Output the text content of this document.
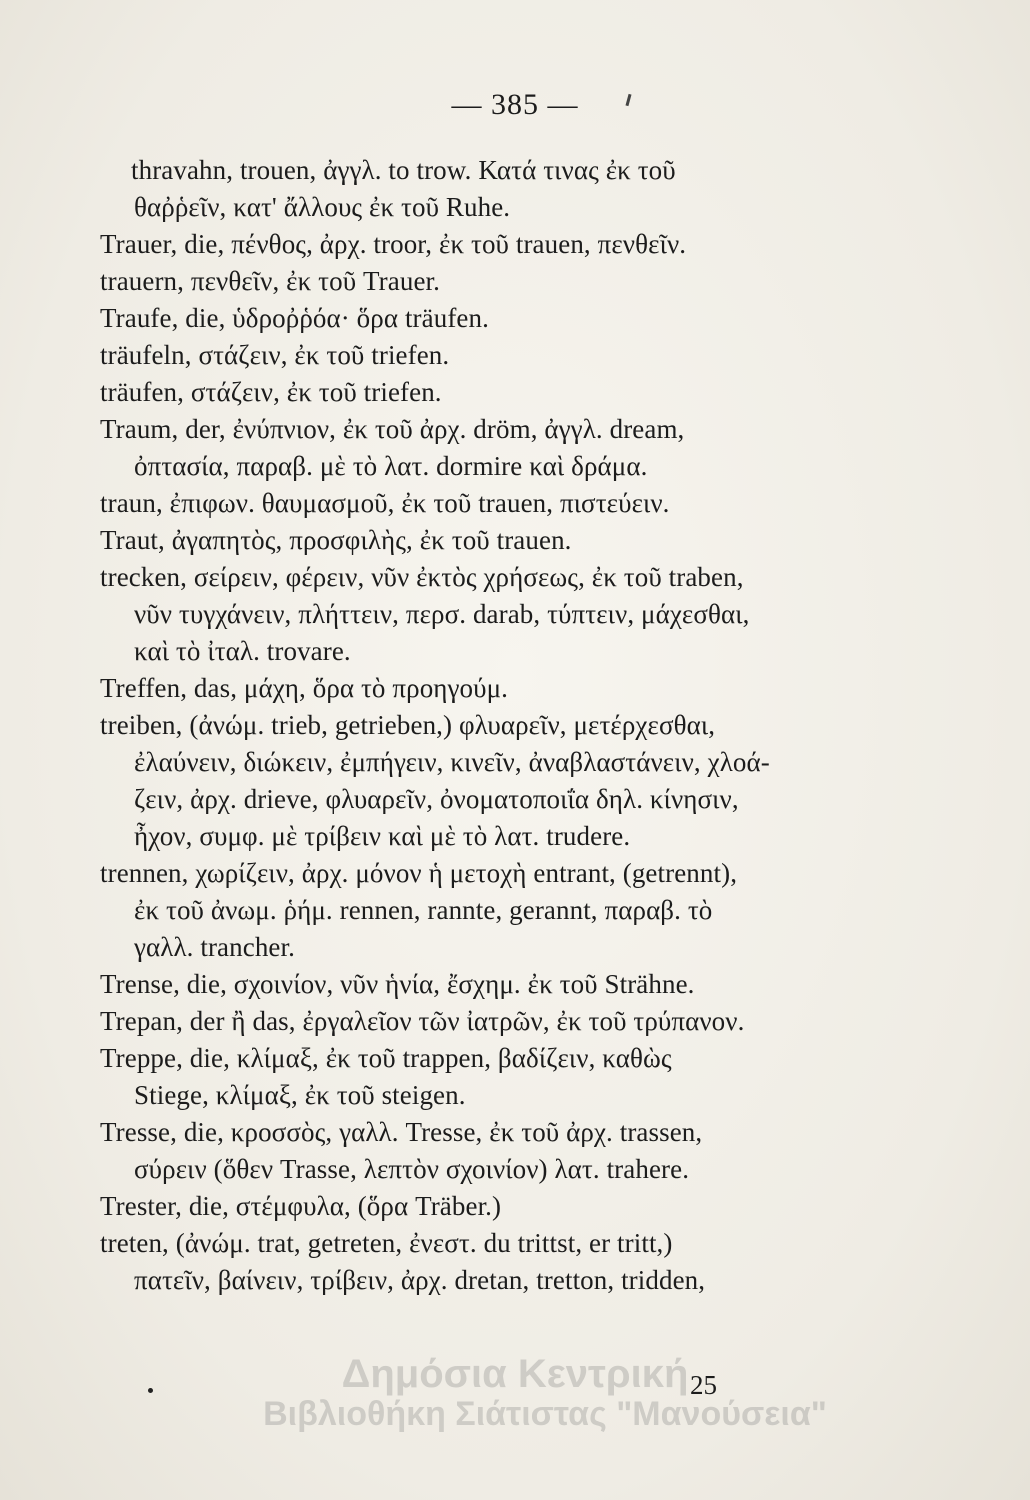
— 385 —
thravahn, trouen, ἀγγλ. to trow. Κατά τινας ἐκ τοῦ
θαῤῥεῖν, κατ' ἄλλους ἐκ τοῦ Ruhe.
Trauer, die, πένθος, ἀρχ. troor, ἐκ τοῦ trauen, πενθεῖν.
trauern, πενθεῖν, ἐκ τοῦ Trauer.
Traufe, die, ὑδροῤῥόα· ὅρα träufen.
träufeln, στάζειν, ἐκ τοῦ triefen.
träufen, στάζειν, ἐκ τοῦ triefen.
Traum, der, ἐνύπνιον, ἐκ τοῦ ἀρχ. dröm, ἀγγλ. dream,
ὀπτασία, παραβ. μὲ τὸ λατ. dormire καὶ δράμα.
traun, ἐπιφων. θαυμασμοῦ, ἐκ τοῦ trauen, πιστεύειν.
Traut, ἀγαπητὸς, προσφιλὴς, ἐκ τοῦ trauen.
trecken, σείρειν, φέρειν, νῦν ἐκτὸς χρήσεως, ἐκ τοῦ traben,
νῦν τυγχάνειν, πλήττειν, περσ. darab, τύπτειν, μάχεσθαι,
καὶ τὸ ἰταλ. trovare.
Treffen, das, μάχη, ὅρα τὸ προηγούμ.
treiben, (ἀνώμ. trieb, getrieben,) φλυαρεῖν, μετέρχεσθαι,
ἐλαύνειν, διώκειν, ἐμπήγειν, κινεῖν, ἀναβλαστάνειν, χλοά-
ζειν, ἀρχ. drieve, φλυαρεῖν, ὀνοματοποιΐα δηλ. κίνησιν,
ἦχον, συμφ. μὲ τρίβειν καὶ μὲ τὸ λατ. trudere.
trennen, χωρίζειν, ἀρχ. μόνον ἡ μετοχὴ entrant, (getrennt),
ἐκ τοῦ ἀνωμ. ῥήμ. rennen, rannte, gerannt, παραβ. τὸ
γαλλ. trancher.
Trense, die, σχοινίον, νῦν ἡνία, ἔσχημ. ἐκ τοῦ Strähne.
Trepan, der ἢ das, ἐργαλεῖον τῶν ἰατρῶν, ἐκ τοῦ τρύπανον.
Treppe, die, κλίμαξ, ἐκ τοῦ trappen, βαδίζειν, καθὼς
Stiege, κλίμαξ, ἐκ τοῦ steigen.
Tresse, die, κροσσὸς, γαλλ. Tresse, ἐκ τοῦ ἀρχ. trassen,
σύρειν (ὅθεν Trasse, λεπτὸν σχοινίον) λατ. trahere.
Trester, die, στέμφυλα, (ὅρα Träber.)
treten, (ἀνώμ. trat, getreten, ἐνεστ. du trittst, er tritt,)
πατεῖν, βαίνειν, τρίβειν, ἀρχ. dretan, tretton, tridden,
Δημόσια Κεντρική
Βιβλιοθήκη Σιάτιστας "Μανούσεια"
25
